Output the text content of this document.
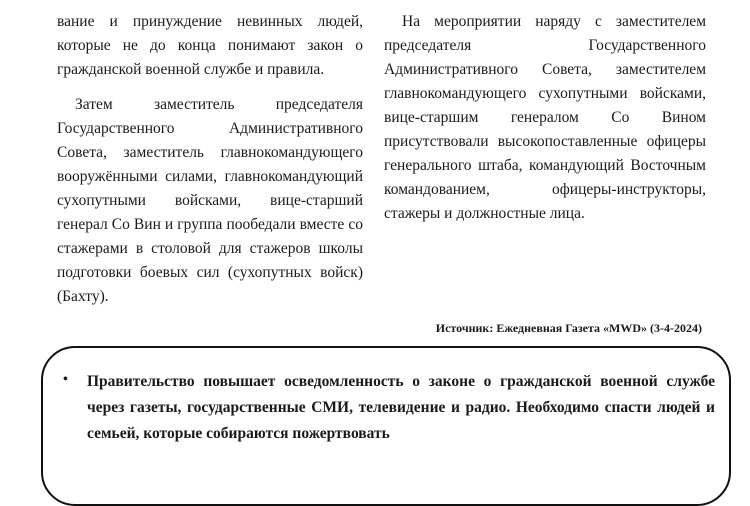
вание и принуждение невинных людей, которые не до конца понимают закон о гражданской военной службе и правила.

Затем заместитель председателя Государственного Административного Совета, заместитель главнокомандующего вооружёнными силами, главнокомандующий сухопутными войсками, вице-старший генерал Со Вин и группа пообедали вместе со стажерами в столовой для стажеров школы подготовки боевых сил (сухопутных войск) (Бахту).

На мероприятии наряду с заместителем председателя Государственного Административного Совета, заместителем главнокомандующего сухопутными войсками, вице-старшим генералом Со Вином присутствовали высокопоставленные офицеры генерального штаба, командующий Восточным командованием, офицеры-инструкторы, стажеры и должностные лица.

Источник: Ежедневная Газета «MWD» (3-4-2024)
• Правительство повышает осведомленность о законе о гражданской военной службе через газеты, государственные СМИ, телевидение и радио. Необходимо спасти людей и семьей, которые собираются пожертвовать
